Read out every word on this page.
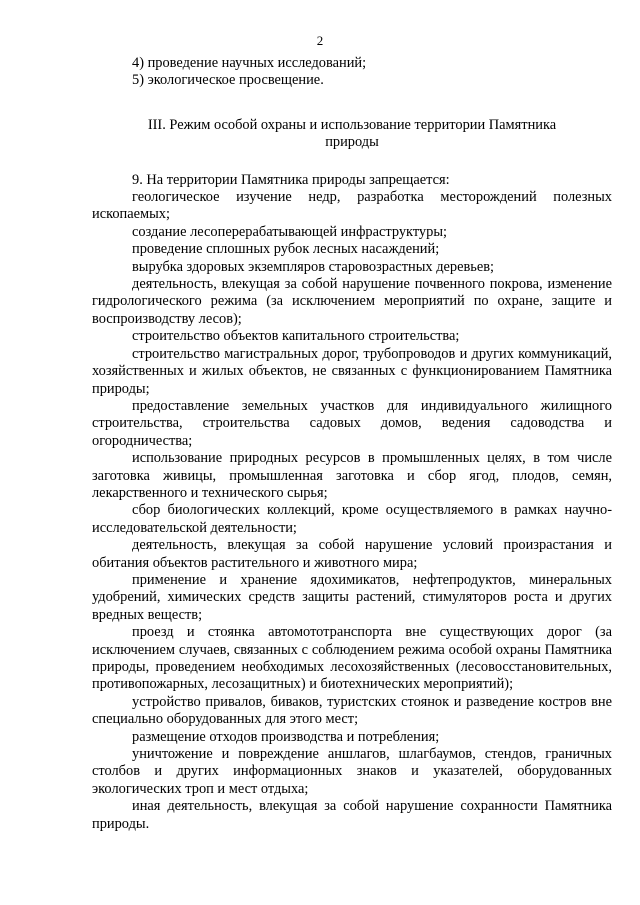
2

4) проведение научных исследований;

5) экологическое просвещение.

III. Режим особой охраны и использование территории Памятника природы

9. На территории Памятника природы запрещается:

геологическое изучение недр, разработка месторождений полезных ископаемых;

создание лесоперерабатывающей инфраструктуры;

проведение сплошных рубок лесных насаждений;

вырубка здоровых экземпляров старовозрастных деревьев;

деятельность, влекущая за собой нарушение почвенного покрова, изменение гидрологического режима (за исключением мероприятий по охране, защите и воспроизводству лесов);

строительство объектов капитального строительства;

строительство магистральных дорог, трубопроводов и других коммуникаций, хозяйственных и жилых объектов, не связанных с функционированием Памятника природы;

предоставление земельных участков для индивидуального жилищного строительства, строительства садовых домов, ведения садоводства и огородничества;

использование природных ресурсов в промышленных целях, в том числе заготовка живицы, промышленная заготовка и сбор ягод, плодов, семян, лекарственного и технического сырья;

сбор биологических коллекций, кроме осуществляемого в рамках научно-исследовательской деятельности;

деятельность, влекущая за собой нарушение условий произрастания и обитания объектов растительного и животного мира;

применение и хранение ядохимикатов, нефтепродуктов, минеральных удобрений, химических средств защиты растений, стимуляторов роста и других вредных веществ;

проезд и стоянка автомототранспорта вне существующих дорог (за исключением случаев, связанных с соблюдением режима особой охраны Памятника природы, проведением необходимых лесохозяйственных (лесовосстановительных, противопожарных, лесозащитных) и биотехнических мероприятий);

устройство привалов, биваков, туристских стоянок и разведение костров вне специально оборудованных для этого мест;

размещение отходов производства и потребления;

уничтожение и повреждение аншлагов, шлагбаумов, стендов, граничных столбов и других информационных знаков и указателей, оборудованных экологических троп и мест отдыха;

иная деятельность, влекущая за собой нарушение сохранности Памятника природы.
